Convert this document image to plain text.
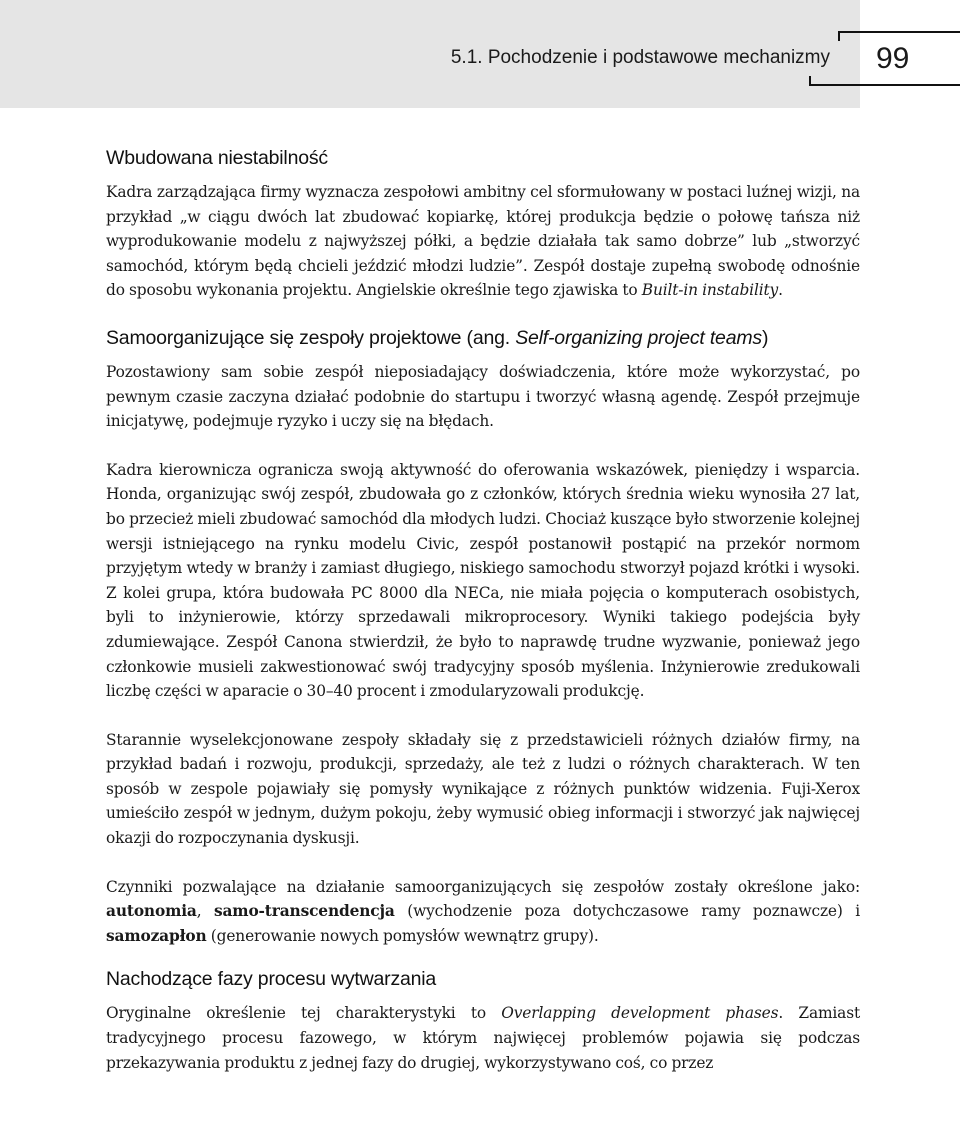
5.1. Pochodzenie i podstawowe mechanizmy 99
Wbudowana niestabilność

Kadra zarządzająca firmy wyznacza zespołowi ambitny cel sformułowany w postaci luźnej wizji, na przykład „w ciągu dwóch lat zbudować kopiarkę, której produkcja będzie o połowę tańsza niż wyprodukowanie modelu z najwyższej półki, a będzie działała tak samo dobrze” lub „stworzyć samochód, którym będą chcieli jeździć młodzi ludzie”. Zespół dostaje zupełną swobodę odnośnie do sposobu wykonania projektu. Angielskie określnie tego zjawiska to Built-in instability.

Samoorganizujące się zespoły projektowe (ang. Self-organizing project teams)

Pozostawiony sam sobie zespół nieposiadający doświadczenia, które może wykorzystać, po pewnym czasie zaczyna działać podobnie do startupu i tworzyć własną agendę. Zespół przejmuje inicjatywę, podejmuje ryzyko i uczy się na błędach.

Kadra kierownicza ogranicza swoją aktywność do oferowania wskazówek, pieniędzy i wsparcia. Honda, organizując swój zespół, zbudowała go z członków, których średnia wieku wynosiła 27 lat, bo przecież mieli zbudować samochód dla młodych ludzi. Chociaż kuszące było stworzenie kolejnej wersji istniejącego na rynku modelu Civic, zespół postanowił postąpić na przekór normom przyjętym wtedy w branży i zamiast długiego, niskiego samochodu stworzył pojazd krótki i wysoki. Z kolei grupa, która budowała PC 8000 dla NECa, nie miała pojęcia o komputerach osobistych, byli to inżynierowie, którzy sprzedawali mikroprocesory. Wyniki takiego podejścia były zdumiewające. Zespół Canona stwierdził, że było to naprawdę trudne wyzwanie, ponieważ jego członkowie musieli zakwestionować swój tradycyjny sposób myślenia. Inżynierowie zredukowali liczbę części w aparacie o 30–40 procent i zmodularyzowali produkcję.

Starannie wyselekcjonowane zespoły składały się z przedstawicieli różnych działów firmy, na przykład badań i rozwoju, produkcji, sprzedaży, ale też z ludzi o różnych charakterach. W ten sposób w zespole pojawiały się pomysły wynikające z różnych punktów widzenia. Fuji-Xerox umieściło zespół w jednym, dużym pokoju, żeby wymusić obieg informacji i stworzyć jak najwięcej okazji do rozpoczynania dyskusji.

Czynniki pozwalające na działanie samoorganizujących się zespołów zostały określone jako: autonomia, samo-transcendencja (wychodzenie poza dotychczasowe ramy poznawcze) i samozapłon (generowanie nowych pomysłów wewnątrz grupy).

Nachodzące fazy procesu wytwarzania

Oryginalne określenie tej charakterystyki to Overlapping development phases. Zamiast tradycyjnego procesu fazowego, w którym najwięcej problemów pojawia się podczas przekazywania produktu z jednej fazy do drugiej, wykorzystywano coś, co przez
